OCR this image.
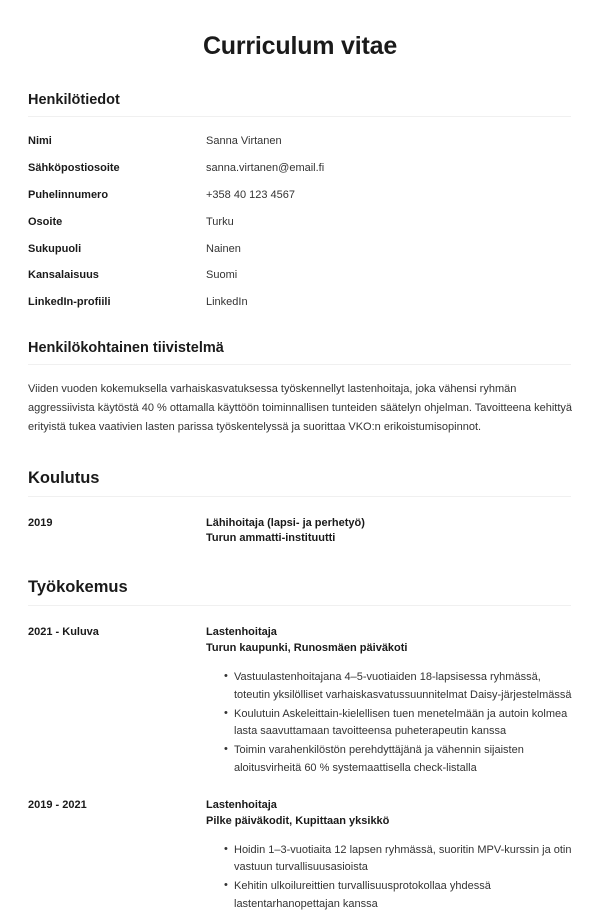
Curriculum vitae
Henkilötiedot
Nimi	Sanna Virtanen
Sähköpostiosoite	sanna.virtanen@email.fi
Puhelinnumero	+358 40 123 4567
Osoite	Turku
Sukupuoli	Nainen
Kansalaisuus	Suomi
LinkedIn-profiili	LinkedIn
Henkilökohtainen tiivistelmä

Viiden vuoden kokemuksella varhaiskasvatuksessa työskennellyt lastenhoitaja, joka vähensi ryhmän aggressiivista käytöstä 40 % ottamalla käyttöön toiminnallisen tunteiden säätelyn ohjelman. Tavoitteena kehittyä erityistä tukea vaativien lasten parissa työskentelyssä ja suorittaa VKO:n erikoistumisopinnot.

Koulutus
2019	Lähihoitaja (lapsi- ja perhetyö)
Turun ammatti-instituutti
Työkokemus
2021 - Kuluva	Lastenhoitaja
Turun kaupunki, Runosmäen päiväkoti
• Vastuulastenhoitajana 4–5-vuotiaiden 18-lapsisessa ryhmässä, toteutin yksilölliset varhaiskasvatussuunnitelmat Daisy-järjestelmässä
• Koulutuin Askeleittain-kielellisen tuen menetelmään ja autoin kolmea lasta saavuttamaan tavoitteensa puheterapeutin kanssa
• Toimin varahenkilöstön perehdyttäjänä ja vähennin sijaisten aloitusvirheitä 60 % systemaattisella check-listalla
2019 - 2021	Lastenhoitaja
Pilke päiväkodit, Kupittaan yksikkö
• Hoidin 1–3-vuotiaita 12 lapsen ryhmässä, suoritin MPV-kurssin ja otin vastuun turvallisuusasioista
• Kehitin ulkoilureittien turvallisuusprotokollaa yhdessä lastentarhanopettajan kanssa
